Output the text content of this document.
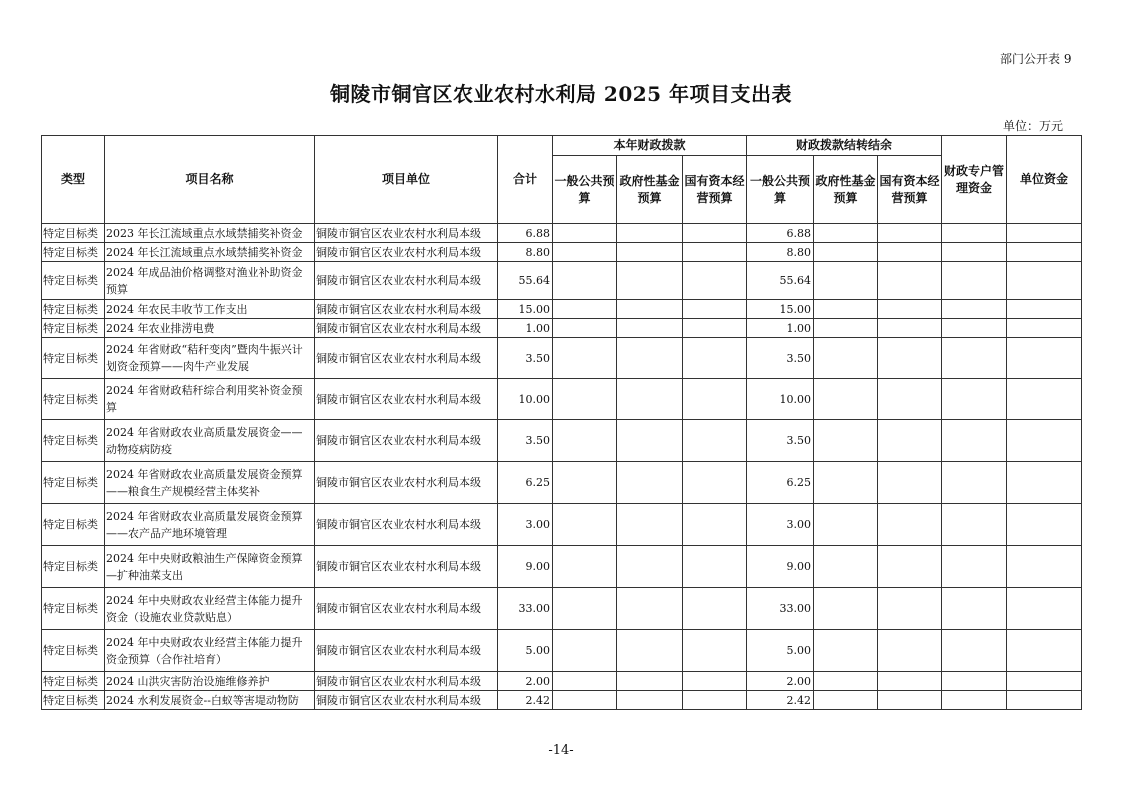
部门公开表 9
铜陵市铜官区农业农村水利局 2025 年项目支出表
单位：万元
类型	项目名称	项目单位	合计	本年财政拨款			财政拨款结转结余			财政专户管理资金	单位资金
				一般公共预算	政府性基金预算	国有资本经营预算	一般公共预算	政府性基金预算	国有资本经营预算		
特定目标类	2023 年长江流域重点水域禁捕奖补资金	铜陵市铜官区农业农村水利局本级	6.88				6.88				
特定目标类	2024 年长江流域重点水域禁捕奖补资金	铜陵市铜官区农业农村水利局本级	8.80				8.80				
特定目标类	2024 年成品油价格调整对渔业补助资金预算	铜陵市铜官区农业农村水利局本级	55.64				55.64				
特定目标类	2024 年农民丰收节工作支出	铜陵市铜官区农业农村水利局本级	15.00				15.00				
特定目标类	2024 年农业排涝电费	铜陵市铜官区农业农村水利局本级	1.00				1.00				
特定目标类	2024 年省财政“秸秆变肉”暨肉牛振兴计划资金预算——肉牛产业发展	铜陵市铜官区农业农村水利局本级	3.50				3.50				
特定目标类	2024 年省财政秸秆综合利用奖补资金预算	铜陵市铜官区农业农村水利局本级	10.00				10.00				
特定目标类	2024 年省财政农业高质量发展资金——动物疫病防疫	铜陵市铜官区农业农村水利局本级	3.50				3.50				
特定目标类	2024 年省财政农业高质量发展资金预算——粮食生产规模经营主体奖补	铜陵市铜官区农业农村水利局本级	6.25				6.25				
特定目标类	2024 年省财政农业高质量发展资金预算——农产品产地环境管理	铜陵市铜官区农业农村水利局本级	3.00				3.00				
特定目标类	2024 年中央财政粮油生产保障资金预算—扩种油菜支出	铜陵市铜官区农业农村水利局本级	9.00				9.00				
特定目标类	2024 年中央财政农业经营主体能力提升资金（设施农业贷款贴息）	铜陵市铜官区农业农村水利局本级	33.00				33.00				
特定目标类	2024 年中央财政农业经营主体能力提升资金预算（合作社培育）	铜陵市铜官区农业农村水利局本级	5.00				5.00				
特定目标类	2024 山洪灾害防治设施维修养护	铜陵市铜官区农业农村水利局本级	2.00				2.00				
特定目标类	2024 水利发展资金--白蚁等害堤动物防	铜陵市铜官区农业农村水利局本级	2.42				2.42				
-14-
